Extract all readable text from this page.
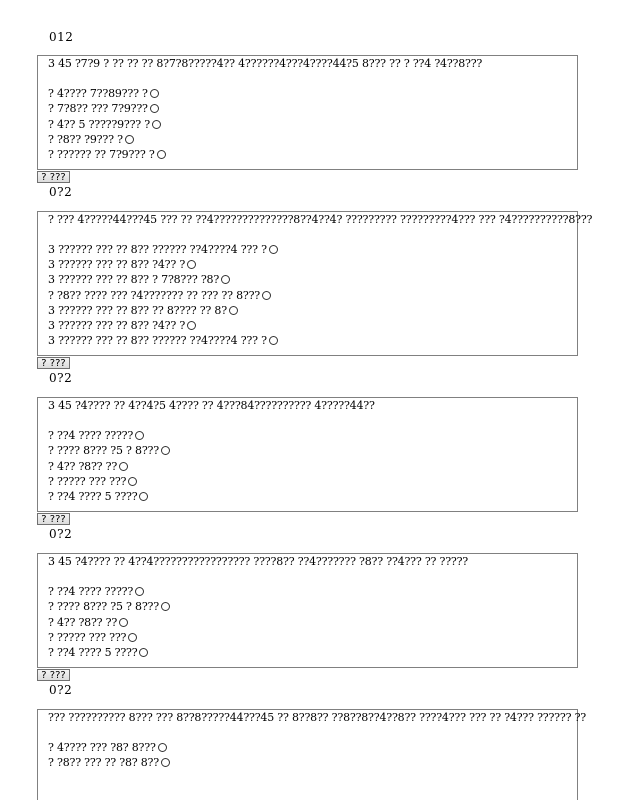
012
3 45 ?7?9 ? ?? ?? ?? 8?7?8?????4?? 4??????4???4????44?5 8??? ?? ? ??4 ?4??8???
? 4???? 7??89??? ?
? 7?8?? ??? 7?9???
? 4?? 5 ?????9??? ?
? ?8?? ?9??? ?
? ?????? ?? 7?9??? ?
? ???
0?2
? ??? 4?????44???45 ??? ?? ??4??????????????8??4??4? ????????? ?????????4??? ??? ?4??????????8???
3 ?????? ??? ?? 8?? ?????? ??4????4 ??? ?
3 ?????? ??? ?? 8?? ?4?? ?
3 ?????? ??? ?? 8?? ? 7?8??? ?8?
? ?8?? ???? ??? ?4??????? ?? ??? ?? 8???
3 ?????? ??? ?? 8?? ?? 8???? ?? 8?
3 ?????? ??? ?? 8?? ?4?? ?
3 ?????? ??? ?? 8?? ?????? ??4????4 ??? ?
? ???
0?2
3 45 ?4???? ?? 4??4?5 4???? ?? 4???84?????????? 4?????44??
? ??4 ???? ?????
? ???? 8??? ?5 ? 8???
? 4?? ?8?? ??
? ????? ??? ???
? ??4 ???? 5 ????
? ???
0?2
3 45 ?4???? ?? 4??4????????????????? ????8?? ??4??????? ?8?? ??4??? ?? ?????
? ??4 ???? ?????
? ???? 8??? ?5 ? 8???
? 4?? ?8?? ??
? ????? ??? ???
? ??4 ???? 5 ????
? ???
0?2
??? ?????????? 8??? ??? 8??8?????44???45 ?? 8??8?? ??8??8??4??8?? ????4??? ??? ?? ?4??? ?????? ??
? 4???? ??? ?8? 8???
? ?8?? ??? ?? ?8? 8??
